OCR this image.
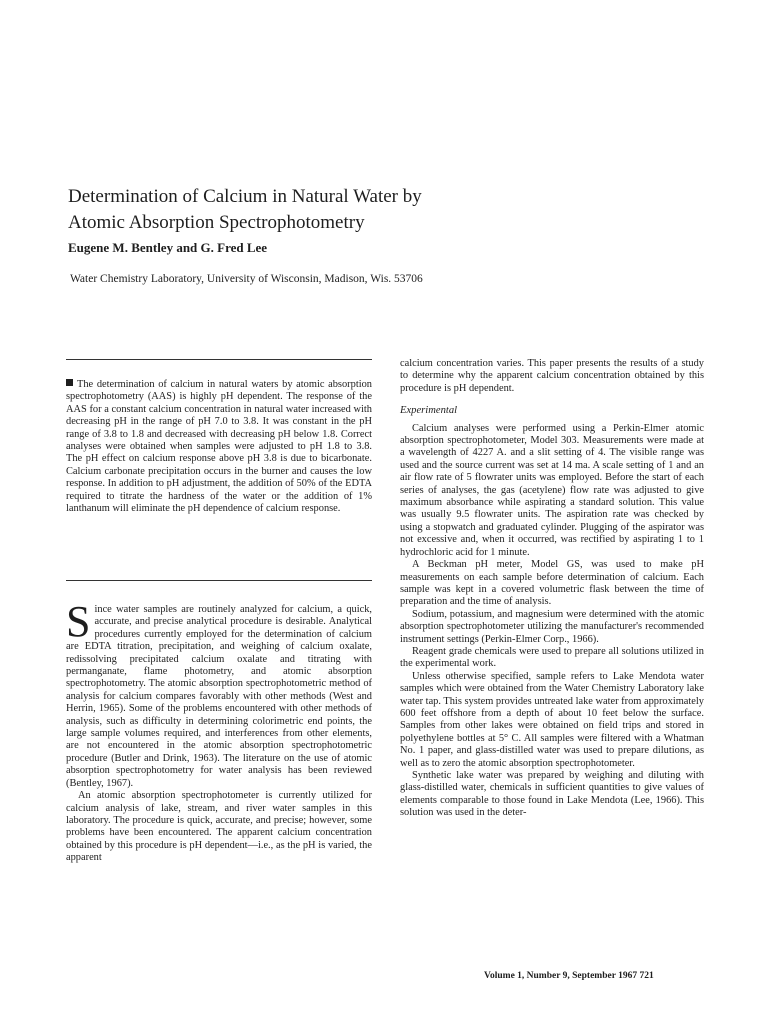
Determination of Calcium in Natural Water by
Atomic Absorption Spectrophotometry
Eugene M. Bentley and G. Fred Lee
Water Chemistry Laboratory, University of Wisconsin, Madison, Wis. 53706

The determination of calcium in natural waters by atomic absorption spectrophotometry (AAS) is highly pH dependent. The response of the AAS for a constant calcium concentration in natural water increased with decreasing pH in the range of pH 7.0 to 3.8. It was constant in the pH range of 3.8 to 1.8 and decreased with decreasing pH below 1.8. Correct analyses were obtained when samples were adjusted to pH 1.8 to 3.8. The pH effect on calcium response above pH 3.8 is due to bicarbonate. Calcium carbonate precipitation occurs in the burner and causes the low response. In addition to pH adjustment, the addition of 50% of the EDTA required to titrate the hardness of the water or the addition of 1% lanthanum will eliminate the pH dependence of calcium response.

Since water samples are routinely analyzed for calcium, a quick, accurate, and precise analytical procedure is desirable. Analytical procedures currently employed for the determination of calcium are EDTA titration, precipitation, and weighing of calcium oxalate, redissolving precipitated calcium oxalate and titrating with permanganate, flame photometry, and atomic absorption spectrophotometry. The atomic absorption spectrophotometric method of analysis for calcium compares favorably with other methods (West and Herrin, 1965). Some of the problems encountered with other methods of analysis, such as difficulty in determining colorimetric end points, the large sample volumes required, and interferences from other elements, are not encountered in the atomic absorption spectrophotometric procedure (Butler and Drink, 1963). The literature on the use of atomic absorption spectrophotometry for water analysis has been reviewed (Bentley, 1967).

An atomic absorption spectrophotometer is currently utilized for calcium analysis of lake, stream, and river water samples in this laboratory. The procedure is quick, accurate, and precise; however, some problems have been encountered. The apparent calcium concentration obtained by this procedure is pH dependent—i.e., as the pH is varied, the apparent

calcium concentration varies. This paper presents the results of a study to determine why the apparent calcium concentration obtained by this procedure is pH dependent.

Experimental

Calcium analyses were performed using a Perkin-Elmer atomic absorption spectrophotometer, Model 303. Measurements were made at a wavelength of 4227 A. and a slit setting of 4. The visible range was used and the source current was set at 14 ma. A scale setting of 1 and an air flow rate of 5 flowrater units was employed. Before the start of each series of analyses, the gas (acetylene) flow rate was adjusted to give maximum absorbance while aspirating a standard solution. This value was usually 9.5 flowrater units. The aspiration rate was checked by using a stopwatch and graduated cylinder. Plugging of the aspirator was not excessive and, when it occurred, was rectified by aspirating 1 to 1 hydrochloric acid for 1 minute.

A Beckman pH meter, Model GS, was used to make pH measurements on each sample before determination of calcium. Each sample was kept in a covered volumetric flask between the time of preparation and the time of analysis.

Sodium, potassium, and magnesium were determined with the atomic absorption spectrophotometer utilizing the manufacturer's recommended instrument settings (Perkin-Elmer Corp., 1966).

Reagent grade chemicals were used to prepare all solutions utilized in the experimental work.

Unless otherwise specified, sample refers to Lake Mendota water samples which were obtained from the Water Chemistry Laboratory lake water tap. This system provides untreated lake water from approximately 600 feet offshore from a depth of about 10 feet below the surface. Samples from other lakes were obtained on field trips and stored in polyethylene bottles at 5° C. All samples were filtered with a Whatman No. 1 paper, and glass-distilled water was used to prepare dilutions, as well as to zero the atomic absorption spectrophotometer.

Synthetic lake water was prepared by weighing and diluting with glass-distilled water, chemicals in sufficient quantities to give values of elements comparable to those found in Lake Mendota (Lee, 1966). This solution was used in the deter-

Volume 1, Number 9, September 1967 721
